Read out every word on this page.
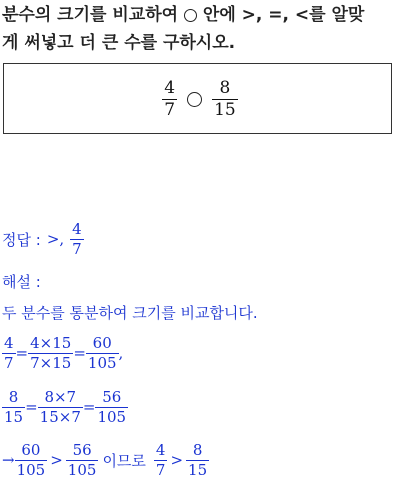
분수의 크기를 비교하여 안에 >, =, <를 알맞
게 써넣고 더 큰 수를 구하시오.
$\frac{4}{7} \frac{8}{15}$
정답 : >, $\frac{4}{7}$
해설 :
두 분수를 통분하여 크기를 비교합니다.
$\frac{4}{7} = \frac{4\times 15}{7\times 15} = \frac{60}{105}$ ,
$\frac{8}{15} = \frac{8\times 7}{15\times 7} = \frac{56}{105}$
→ $\frac{60}{105} > \frac{56}{105}$ 이므로 $\frac{4}{7} > \frac{8}{15}$
